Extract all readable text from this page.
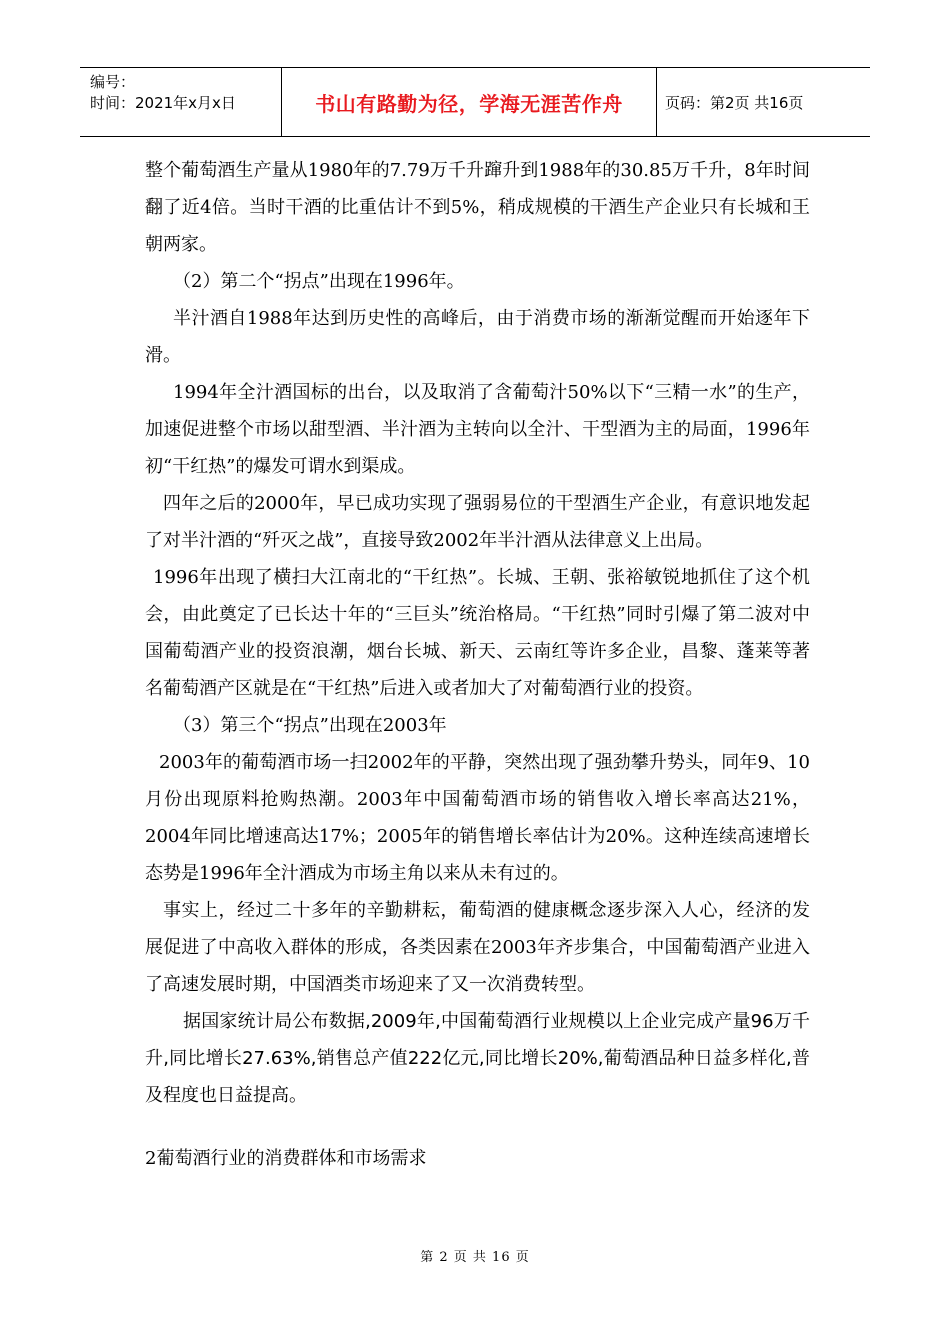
编号：
时间：2021年x月x日	书山有路勤为径，学海无涯苦作舟	页码：第2页 共16页

整个葡萄酒生产量从1980年的7.79万千升蹿升到1988年的30.85万千升，8年时间翻了近4倍。当时干酒的比重估计不到5%，稍成规模的干酒生产企业只有长城和王朝两家。

（2）第二个“拐点”出现在1996年。

半汁酒自1988年达到历史性的高峰后，由于消费市场的渐渐觉醒而开始逐年下滑。

1994年全汁酒国标的出台，以及取消了含葡萄汁50%以下“三精一水”的生产，加速促进整个市场以甜型酒、半汁酒为主转向以全汁、干型酒为主的局面，1996年初“干红热”的爆发可谓水到渠成。

四年之后的2000年，早已成功实现了强弱易位的干型酒生产企业，有意识地发起了对半汁酒的“歼灭之战”，直接导致2002年半汁酒从法律意义上出局。

1996年出现了横扫大江南北的“干红热”。长城、王朝、张裕敏锐地抓住了这个机会，由此奠定了已长达十年的“三巨头”统治格局。“干红热”同时引爆了第二波对中国葡萄酒产业的投资浪潮，烟台长城、新天、云南红等许多企业，昌黎、蓬莱等著名葡萄酒产区就是在“干红热”后进入或者加大了对葡萄酒行业的投资。

（3）第三个“拐点”出现在2003年

2003年的葡萄酒市场一扫2002年的平静，突然出现了强劲攀升势头，同年9、10月份出现原料抢购热潮。2003年中国葡萄酒市场的销售收入增长率高达21%，2004年同比增速高达17%；2005年的销售增长率估计为20%。这种连续高速增长态势是1996年全汁酒成为市场主角以来从未有过的。

事实上，经过二十多年的辛勤耕耘，葡萄酒的健康概念逐步深入人心，经济的发展促进了中高收入群体的形成，各类因素在2003年齐步集合，中国葡萄酒产业进入了高速发展时期，中国酒类市场迎来了又一次消费转型。

据国家统计局公布数据,2009年,中国葡萄酒行业规模以上企业完成产量96万千升,同比增长27.63%,销售总产值222亿元,同比增长20%,葡萄酒品种日益多样化,普及程度也日益提高。

2葡萄酒行业的消费群体和市场需求

第 2 页 共 16 页
